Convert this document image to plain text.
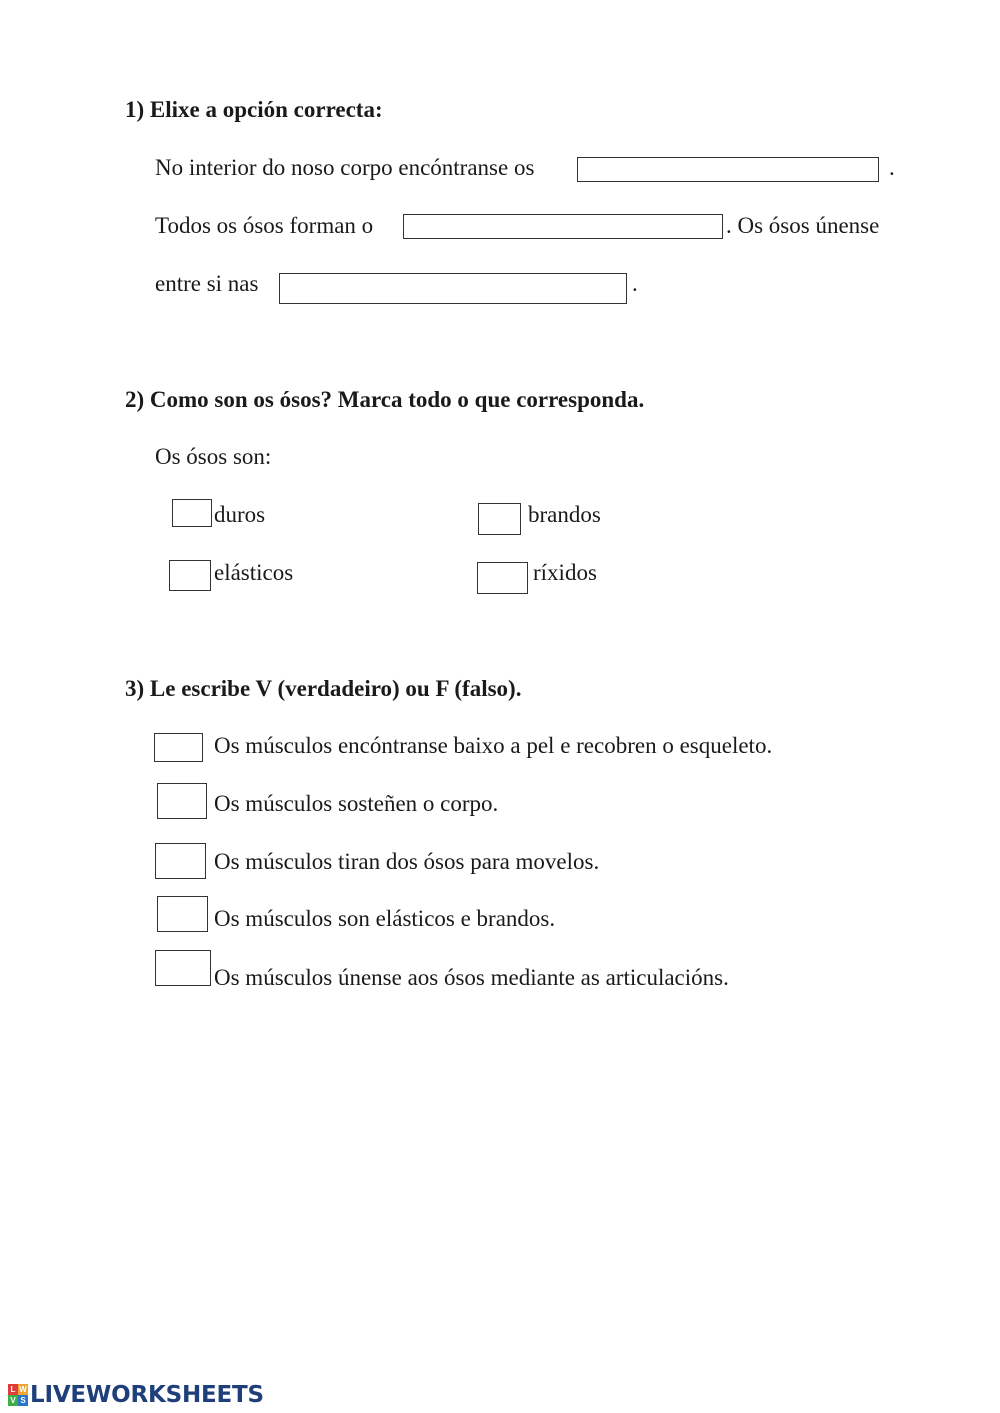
1) Elixe a opción correcta:
No interior do noso corpo encóntranse os	.
Todos os ósos forman o	. Os ósos únense
entre si nas	.
2) Como son os ósos? Marca todo o que corresponda.
Os ósos son:
duros	brandos
elásticos	ríxidos
3) Le escribe V (verdadeiro) ou F (falso).
Os músculos encóntranse baixo a pel e recobren o esqueleto.
Os músculos sosteñen o corpo.
Os músculos tiran dos ósos para movelos.
Os músculos son elásticos e brandos.
Os músculos únense aos ósos mediante as articulacións.
L W
V S LIVEWORKSHEETS
